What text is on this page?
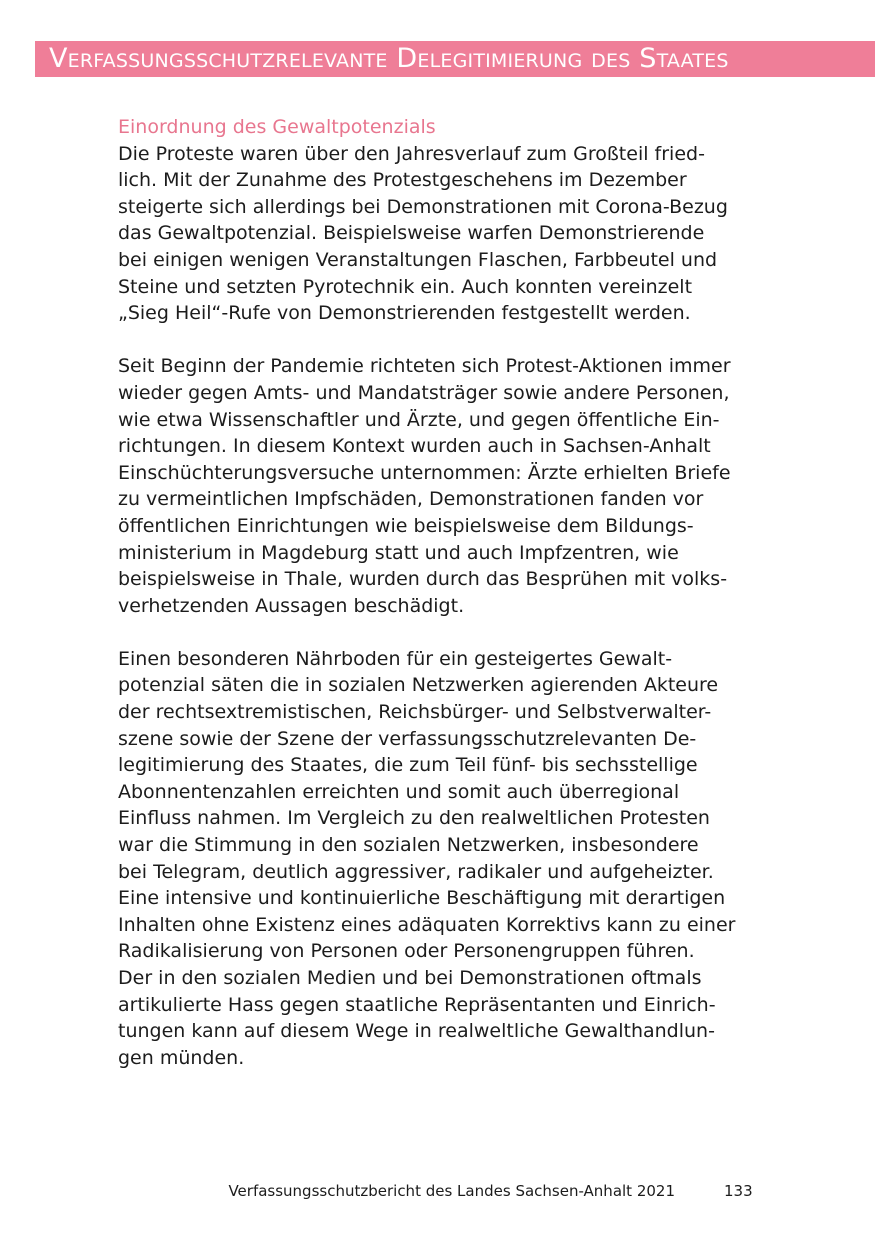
Verfassungsschutzrelevante Delegitimierung des Staates
Einordnung des Gewaltpotenzials

Die Proteste waren über den Jahresverlauf zum Großteil fried-
lich. Mit der Zunahme des Protestgeschehens im Dezember
steigerte sich allerdings bei Demonstrationen mit Corona-Bezug
das Gewaltpotenzial. Beispielsweise warfen Demonstrierende
bei einigen wenigen Veranstaltungen Flaschen, Farbbeutel und
Steine und setzten Pyrotechnik ein. Auch konnten vereinzelt
„Sieg Heil“-Rufe von Demonstrierenden festgestellt werden.

Seit Beginn der Pandemie richteten sich Protest-Aktionen immer
wieder gegen Amts- und Mandatsträger sowie andere Personen,
wie etwa Wissenschaftler und Ärzte, und gegen öffentliche Ein-
richtungen. In diesem Kontext wurden auch in Sachsen-Anhalt
Einschüchterungsversuche unternommen: Ärzte erhielten Briefe
zu vermeintlichen Impfschäden, Demonstrationen fanden vor
öffentlichen Einrichtungen wie beispielsweise dem Bildungs-
ministerium in Magdeburg statt und auch Impfzentren, wie
beispielsweise in Thale, wurden durch das Besprühen mit volks-
verhetzenden Aussagen beschädigt.

Einen besonderen Nährboden für ein gesteigertes Gewalt-
potenzial säten die in sozialen Netzwerken agierenden Akteure
der rechtsextremistischen, Reichsbürger- und Selbstverwalter-
szene sowie der Szene der verfassungsschutzrelevanten De-
legitimierung des Staates, die zum Teil fünf- bis sechsstellige
Abonnentenzahlen erreichten und somit auch überregional
Einfluss nahmen. Im Vergleich zu den realweltlichen Protesten
war die Stimmung in den sozialen Netzwerken, insbesondere
bei Telegram, deutlich aggressiver, radikaler und aufgeheizter.
Eine intensive und kontinuierliche Beschäftigung mit derartigen
Inhalten ohne Existenz eines adäquaten Korrektivs kann zu einer
Radikalisierung von Personen oder Personengruppen führen.
Der in den sozialen Medien und bei Demonstrationen oftmals
artikulierte Hass gegen staatliche Repräsentanten und Einrich-
tungen kann auf diesem Wege in realweltliche Gewalthandlun-
gen münden.

Verfassungsschutzbericht des Landes Sachsen-Anhalt 2021	133
